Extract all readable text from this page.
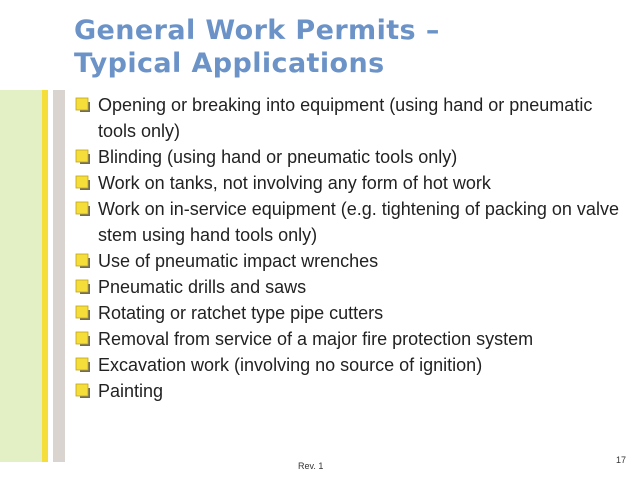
General Work Permits –
Typical Applications
Opening or breaking into equipment (using hand or pneumatic tools only)
Blinding (using hand or pneumatic tools only)
Work on tanks, not involving any form of hot work
Work on in-service equipment (e.g. tightening of packing on valve stem using hand tools only)
Use of pneumatic impact wrenches
Pneumatic drills and saws
Rotating or ratchet type pipe cutters
Removal from service of a major fire protection system
Excavation work (involving no source of ignition)
Painting
17
Rev. 1
